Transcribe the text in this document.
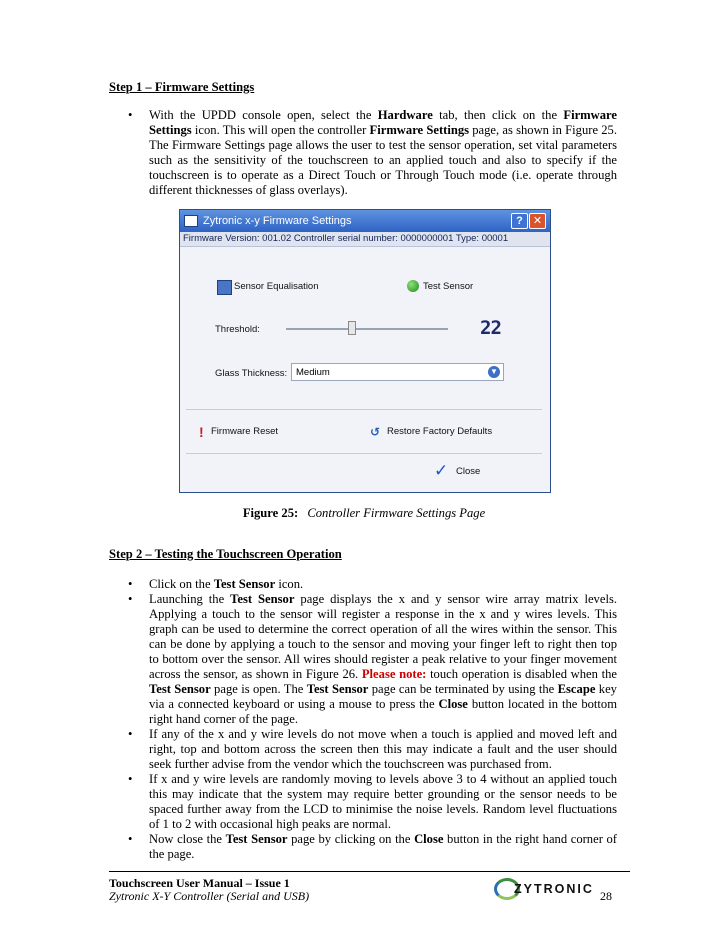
Step 1 – Firmware Settings
• With the UPDD console open, select the Hardware tab, then click on the Firmware Settings icon. This will open the controller Firmware Settings page, as shown in Figure 25. The Firmware Settings page allows the user to test the sensor operation, set vital parameters such as the sensitivity of the touchscreen to an applied touch and also to specify if the touchscreen is to operate as a Direct Touch or Through Touch mode (i.e. operate through different thicknesses of glass overlays).
Zytronic x-y Firmware Settings	? ✕
Firmware Version: 001.02 Controller serial number: 0000000001 Type: 00001
Sensor Equalisation	Test Sensor
Threshold:	22
Glass Thickness: Medium	▼
! Firmware Reset	↺ Restore Factory Defaults
✓ Close
Figure 25: Controller Firmware Settings Page
Step 2 – Testing the Touchscreen Operation
• Click on the Test Sensor icon.
• Launching the Test Sensor page displays the x and y sensor wire array matrix levels. Applying a touch to the sensor will register a response in the x and y wires levels. This graph can be used to determine the correct operation of all the wires within the sensor. This can be done by applying a touch to the sensor and moving your finger left to right then top to bottom over the sensor. All wires should register a peak relative to your finger movement across the sensor, as shown in Figure 26. Please note: touch operation is disabled when the Test Sensor page is open. The Test Sensor page can be terminated by using the Escape key via a connected keyboard or using a mouse to press the Close button located in the bottom right hand corner of the page.
• If any of the x and y wire levels do not move when a touch is applied and moved left and right, top and bottom across the screen then this may indicate a fault and the user should seek further advise from the vendor which the touchscreen was purchased from.
• If x and y wire levels are randomly moving to levels above 3 to 4 without an applied touch this may indicate that the system may require better grounding or the sensor needs to be spaced further away from the LCD to minimise the noise levels. Random level fluctuations of 1 to 2 with occasional high peaks are normal.
• Now close the Test Sensor page by clicking on the Close button in the right hand corner of the page.
Touchscreen User Manual – Issue 1
Zytronic X-Y Controller (Serial and USB)	ZYTRONIC 28
